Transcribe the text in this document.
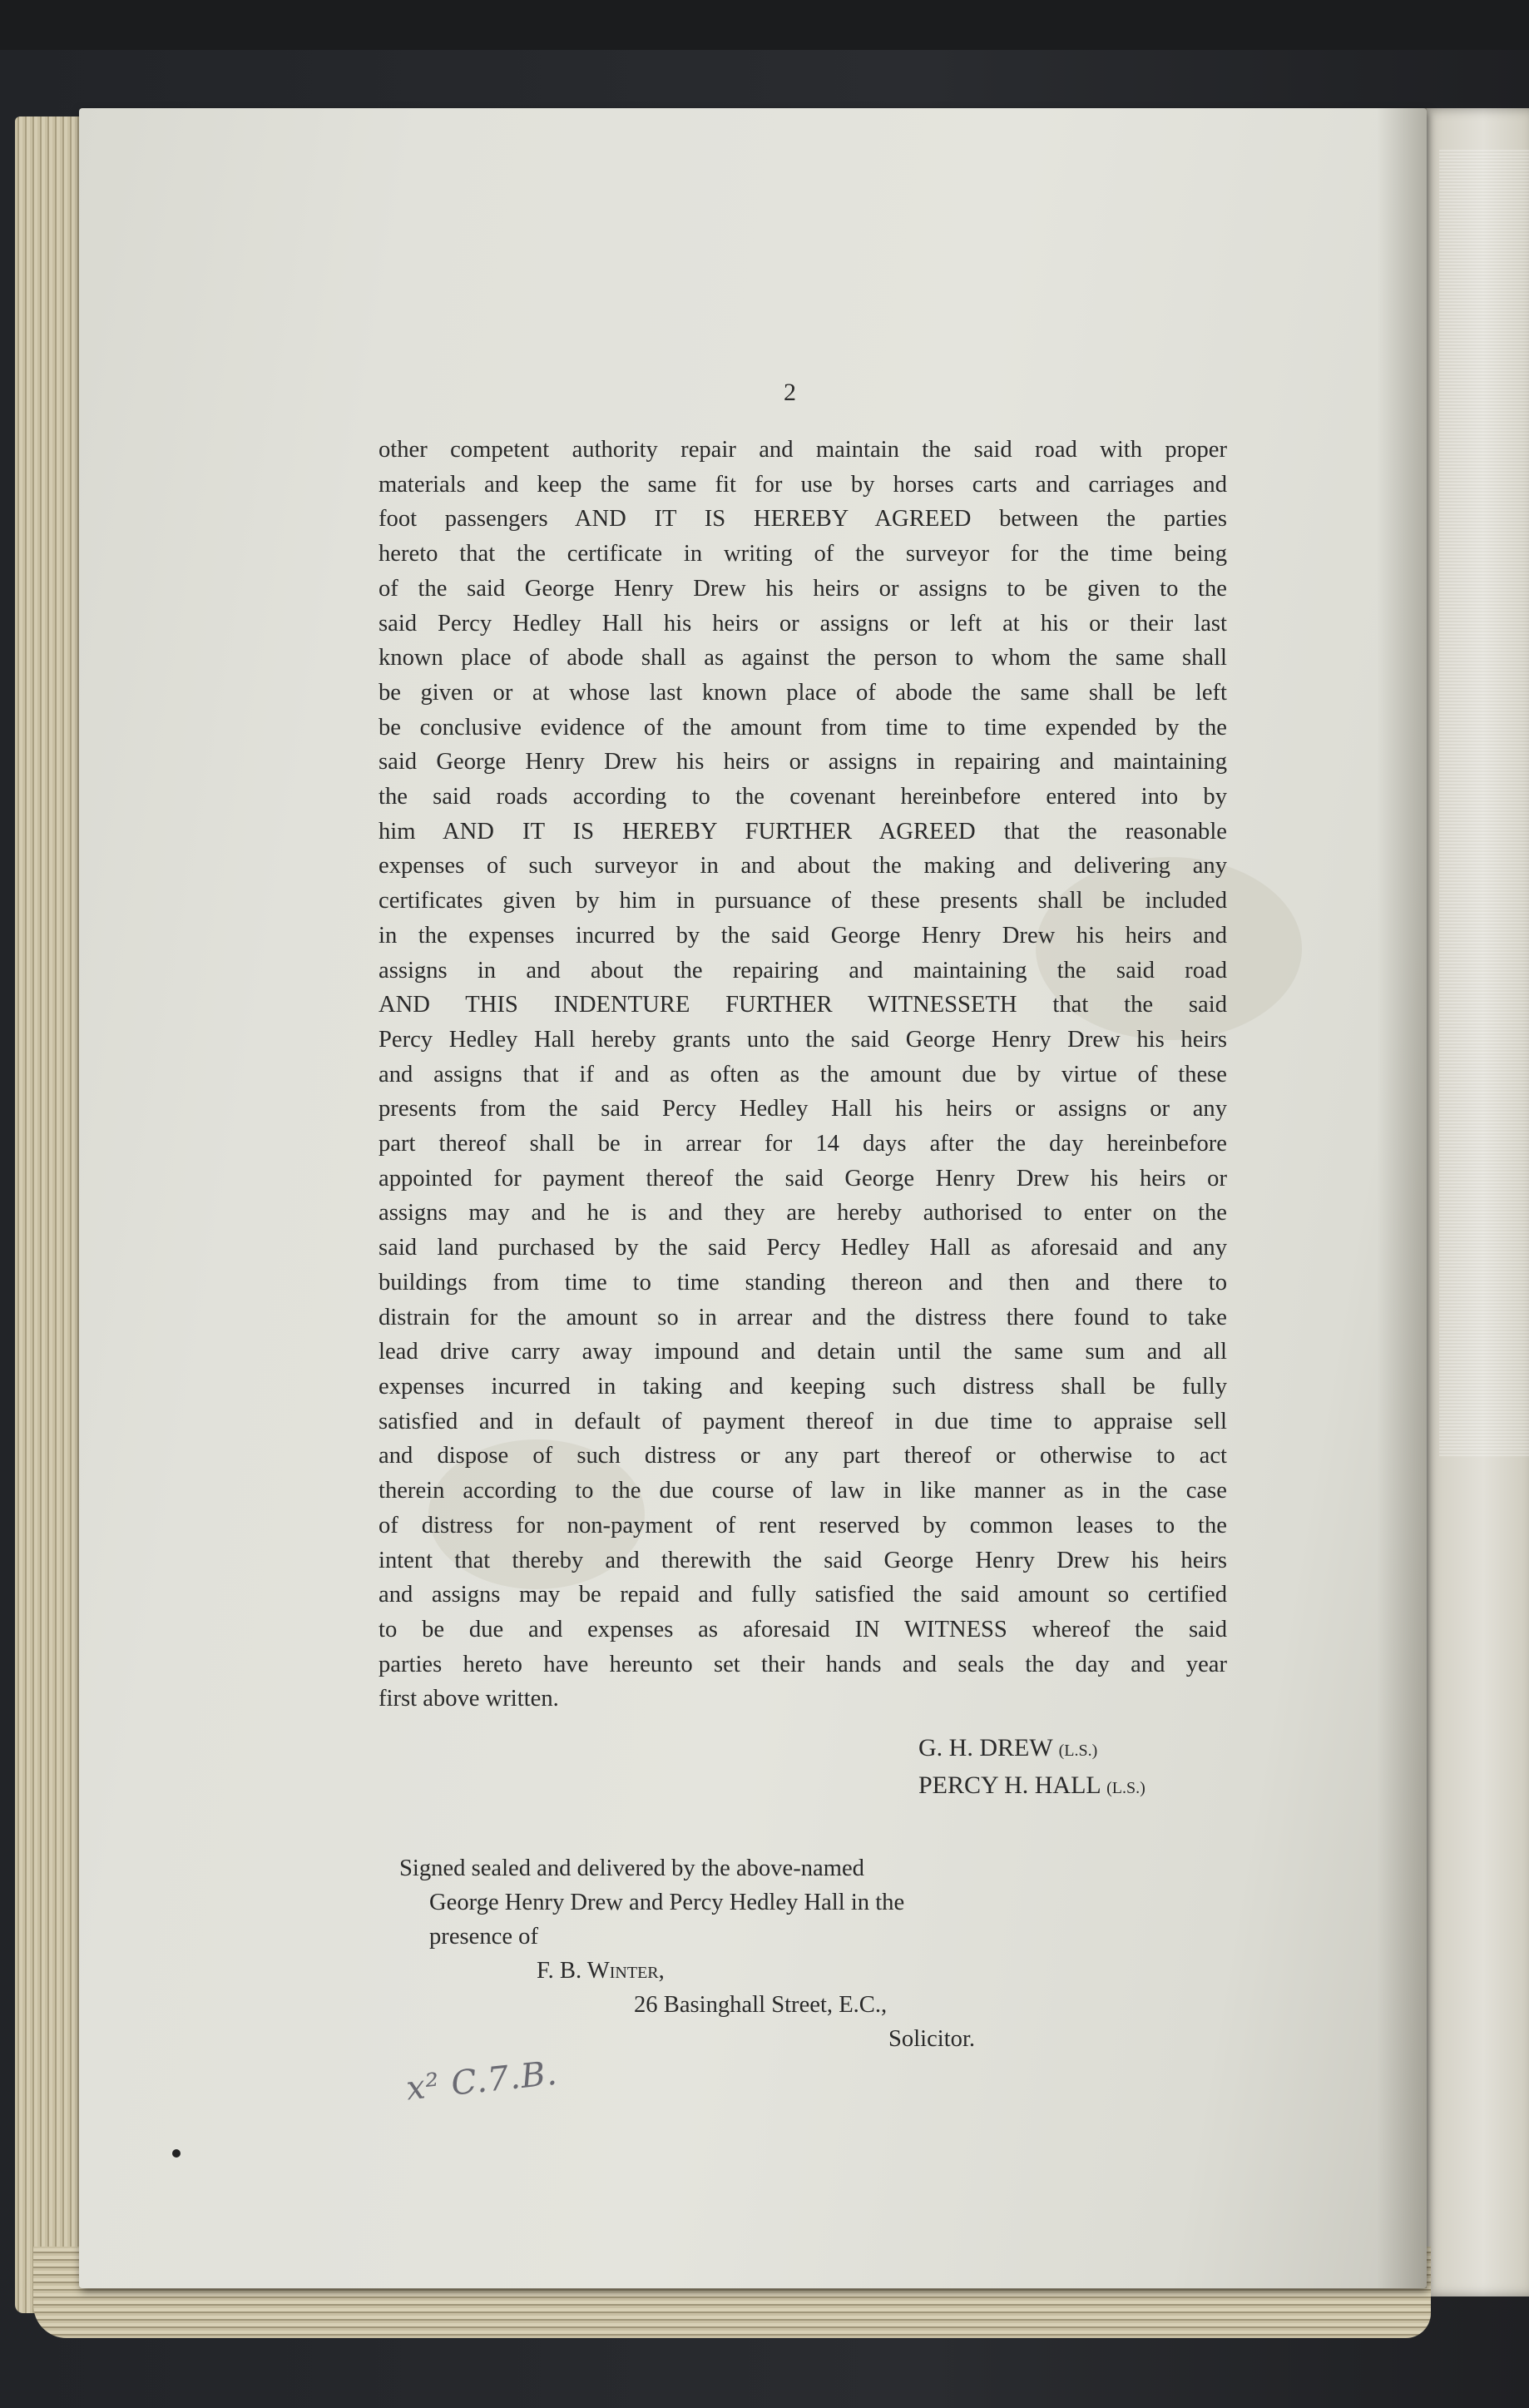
2
other competent authority repair and maintain the said road with proper
materials and keep the same fit for use by horses carts and carriages and
foot passengers AND IT IS HEREBY AGREED between the parties
hereto that the certificate in writing of the surveyor for the time being
of the said George Henry Drew his heirs or assigns to be given to the
said Percy Hedley Hall his heirs or assigns or left at his or their last
known place of abode shall as against the person to whom the same shall
be given or at whose last known place of abode the same shall be left
be conclusive evidence of the amount from time to time expended by the
said George Henry Drew his heirs or assigns in repairing and maintaining
the said roads according to the covenant hereinbefore entered into by
him AND IT IS HEREBY FURTHER AGREED that the reasonable
expenses of such surveyor in and about the making and delivering any
certificates given by him in pursuance of these presents shall be included
in the expenses incurred by the said George Henry Drew his heirs and
assigns in and about the repairing and maintaining the said road
AND THIS INDENTURE FURTHER WITNESSETH that the said
Percy Hedley Hall hereby grants unto the said George Henry Drew his heirs
and assigns that if and as often as the amount due by virtue of these
presents from the said Percy Hedley Hall his heirs or assigns or any
part thereof shall be in arrear for 14 days after the day hereinbefore
appointed for payment thereof the said George Henry Drew his heirs or
assigns may and he is and they are hereby authorised to enter on the
said land purchased by the said Percy Hedley Hall as aforesaid and any
buildings from time to time standing thereon and then and there to
distrain for the amount so in arrear and the distress there found to take
lead drive carry away impound and detain until the same sum and all
expenses incurred in taking and keeping such distress shall be fully
satisfied and in default of payment thereof in due time to appraise sell
and dispose of such distress or any part thereof or otherwise to act
therein according to the due course of law in like manner as in the case
of distress for non-payment of rent reserved by common leases to the
intent that thereby and therewith the said George Henry Drew his heirs
and assigns may be repaid and fully satisfied the said amount so certified
to be due and expenses as aforesaid IN WITNESS whereof the said
parties hereto have hereunto set their hands and seals the day and year
first above written.
G. H. DREW (L.S.)
PERCY H. HALL (L.S.)
Signed sealed and delivered by the above-named
George Henry Drew and Percy Hedley Hall in the
presence of
F. B. Winter,
26 Basinghall Street, E.C.,
Solicitor.
x² C.7.B.
